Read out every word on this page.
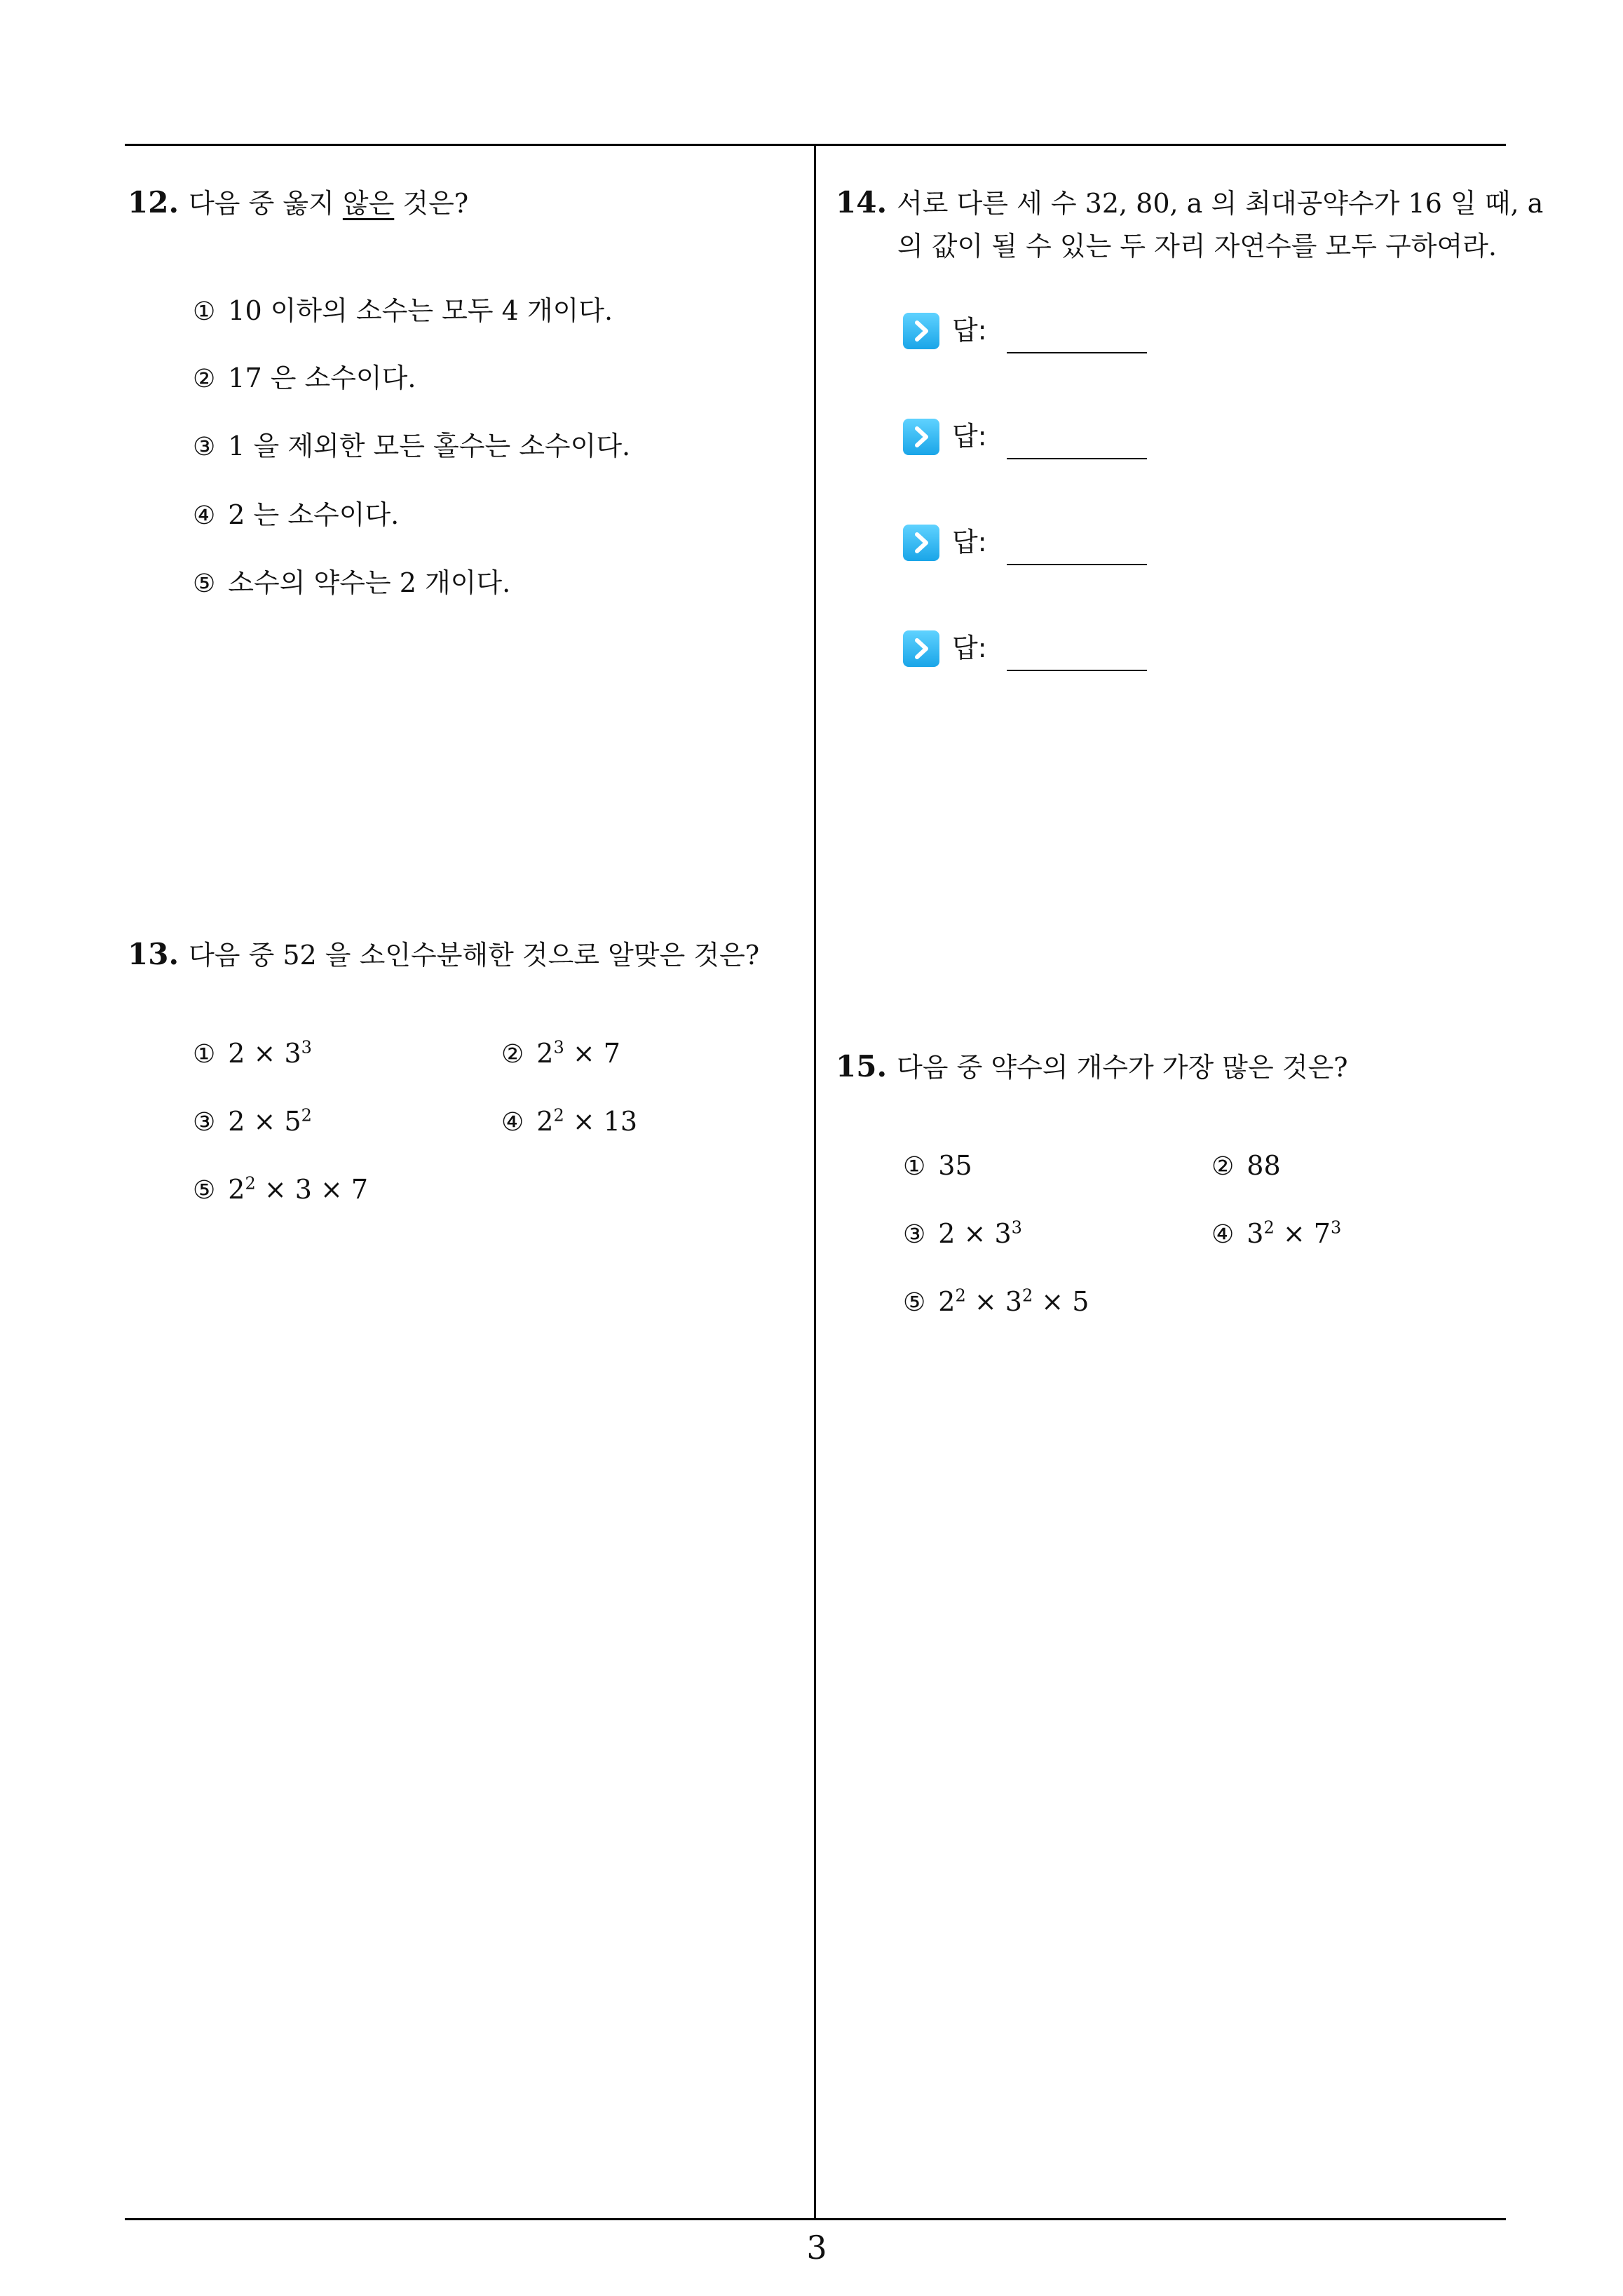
12. 다음 중 옳지 않은 것은?
① 10 이하의 소수는 모두 4 개이다.
② 17 은 소수이다.
③ 1 을 제외한 모든 홀수는 소수이다.
④ 2 는 소수이다.
⑤ 소수의 약수는 2 개이다.
13. 다음 중 52 을 소인수분해한 것으로 알맞은 것은?
① $2 \times 3^3$	② $2^3 \times 7$
③ $2 \times 5^2$	④ $2^2 \times 13$
⑤ $2^2 \times 3 \times 7$
14. 서로 다른 세 수 32, 80, a 의 최대공약수가 16 일 때, a
의 값이 될 수 있는 두 자리 자연수를 모두 구하여라.
답:
답:
답:
답:
15. 다음 중 약수의 개수가 가장 많은 것은?
① 35	② 88
③ $2 \times 3^3$	④ $3^2 \times 7^3$
⑤ $2^2 \times 3^2 \times 5$
3
